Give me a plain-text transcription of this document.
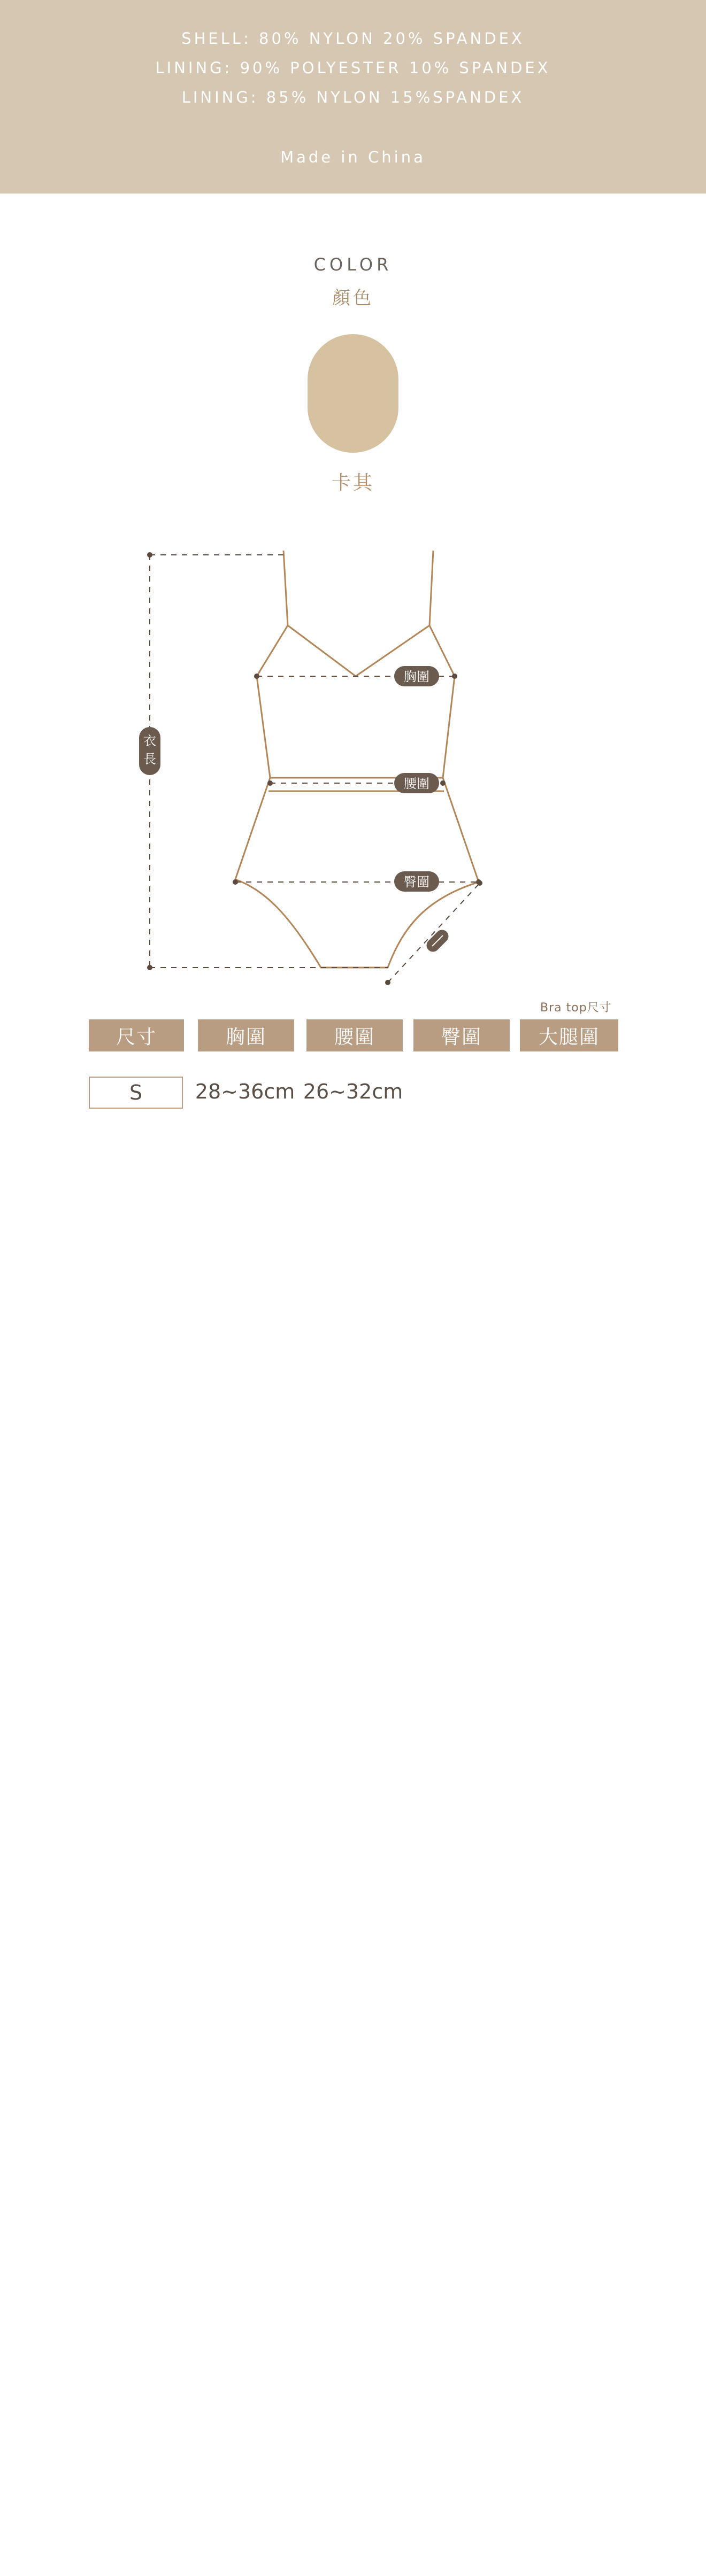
SHELL: 80% NYLON 20% SPANDEX
LINING: 90% POLYESTER 10% SPANDEX
LINING: 85% NYLON 15%SPANDEX
Made in China
COLOR
顏色
卡其
衣
長
胸圍
腰圍
臀圍
Bra top尺寸
尺寸	胸圍	腰圍	臀圍	大腿圍
S	28~36cm 26~32cm
